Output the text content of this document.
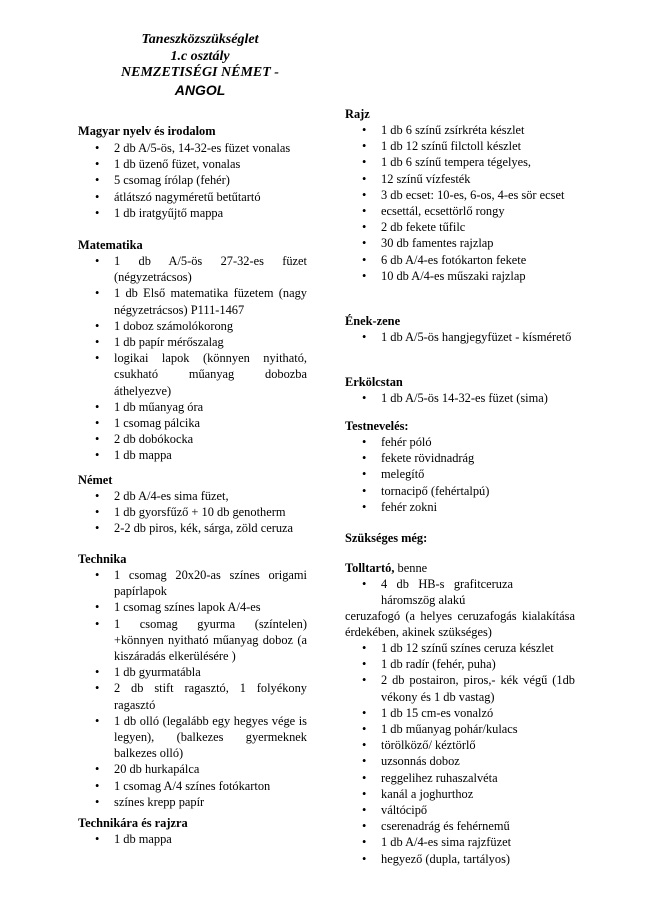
Taneszközszükséglet
1.c osztály
NEMZETISÉGI NÉMET -
ANGOL
Magyar nyelv és irodalom
• 2 db A/5-ös, 14-32-es füzet vonalas
• 1 db üzenő füzet, vonalas
• 5 csomag írólap (fehér)
• átlátszó nagyméretű betűtartó
• 1 db iratgyűjtő mappa
Matematika
• 1 db A/5-ös 27-32-es füzet (négyzetrácsos)
• 1 db Első matematika füzetem (nagy négyzetrácsos) P111-1467
• 1 doboz számolókorong
• 1 db papír mérőszalag
• logikai lapok (könnyen nyitható, csukható műanyag dobozba áthelyezve)
• 1 db műanyag óra
• 1 csomag pálcika
• 2 db dobókocka
• 1 db mappa
Német
• 2 db A/4-es sima füzet,
• 1 db gyorsfűző + 10 db genotherm
• 2-2 db piros, kék, sárga, zöld ceruza
Technika
• 1 csomag 20x20-as színes origami papírlapok
• 1 csomag színes lapok A/4-es
• 1 csomag gyurma (színtelen) +könnyen nyitható műanyag doboz (a kiszáradás elkerülésére )
• 1 db gyurmatábla
• 2 db stift ragasztó, 1 folyékony ragasztó
• 1 db olló (legalább egy hegyes vége is legyen), (balkezes gyermeknek balkezes olló)
• 20 db hurkapálca
• 1 csomag A/4 színes fotókarton
• színes krepp papír
Technikára és rajzra
• 1 db mappa
Rajz
• 1 db 6 színű zsírkréta készlet
• 1 db 12 színű filctoll készlet
• 1 db 6 színű tempera tégelyes,
• 12 színű vízfesték
• 3 db ecset: 10-es, 6-os, 4-es sör ecset
• ecsettál, ecsettörlő rongy
• 2 db fekete tűfilc
• 30 db famentes rajzlap
• 6 db A/4-es fotókarton fekete
• 10 db A/4-es műszaki rajzlap
Ének-zene
• 1 db A/5-ös hangjegyfüzet - kísmérető
Erkölcstan
• 1 db A/5-ös 14-32-es füzet (sima)
Testnevelés:
• fehér póló
• fekete rövidnadrág
• melegítő
• tornacipő (fehértalpú)
• fehér zokni
Szükséges még:
Tolltartó, benne
• 4 db HB-s grafitceruza háromszög alakú
ceruzafogó (a helyes ceruzafogás kialakítása érdekében, akinek szükséges)
• 1 db 12 színű színes ceruza készlet
• 1 db radír (fehér, puha)
• 2 db postairon, piros,- kék végű (1db vékony és 1 db vastag)
• 1 db 15 cm-es vonalzó
• 1 db műanyag pohár/kulacs
• törölköző/ kéztörlő
• uzsonnás doboz
• reggelihez ruhaszalvéta
• kanál a joghurthoz
• váltócipő
• cserenadrág és fehérnemű
• 1 db A/4-es sima rajzfüzet
• hegyező (dupla, tartályos)
